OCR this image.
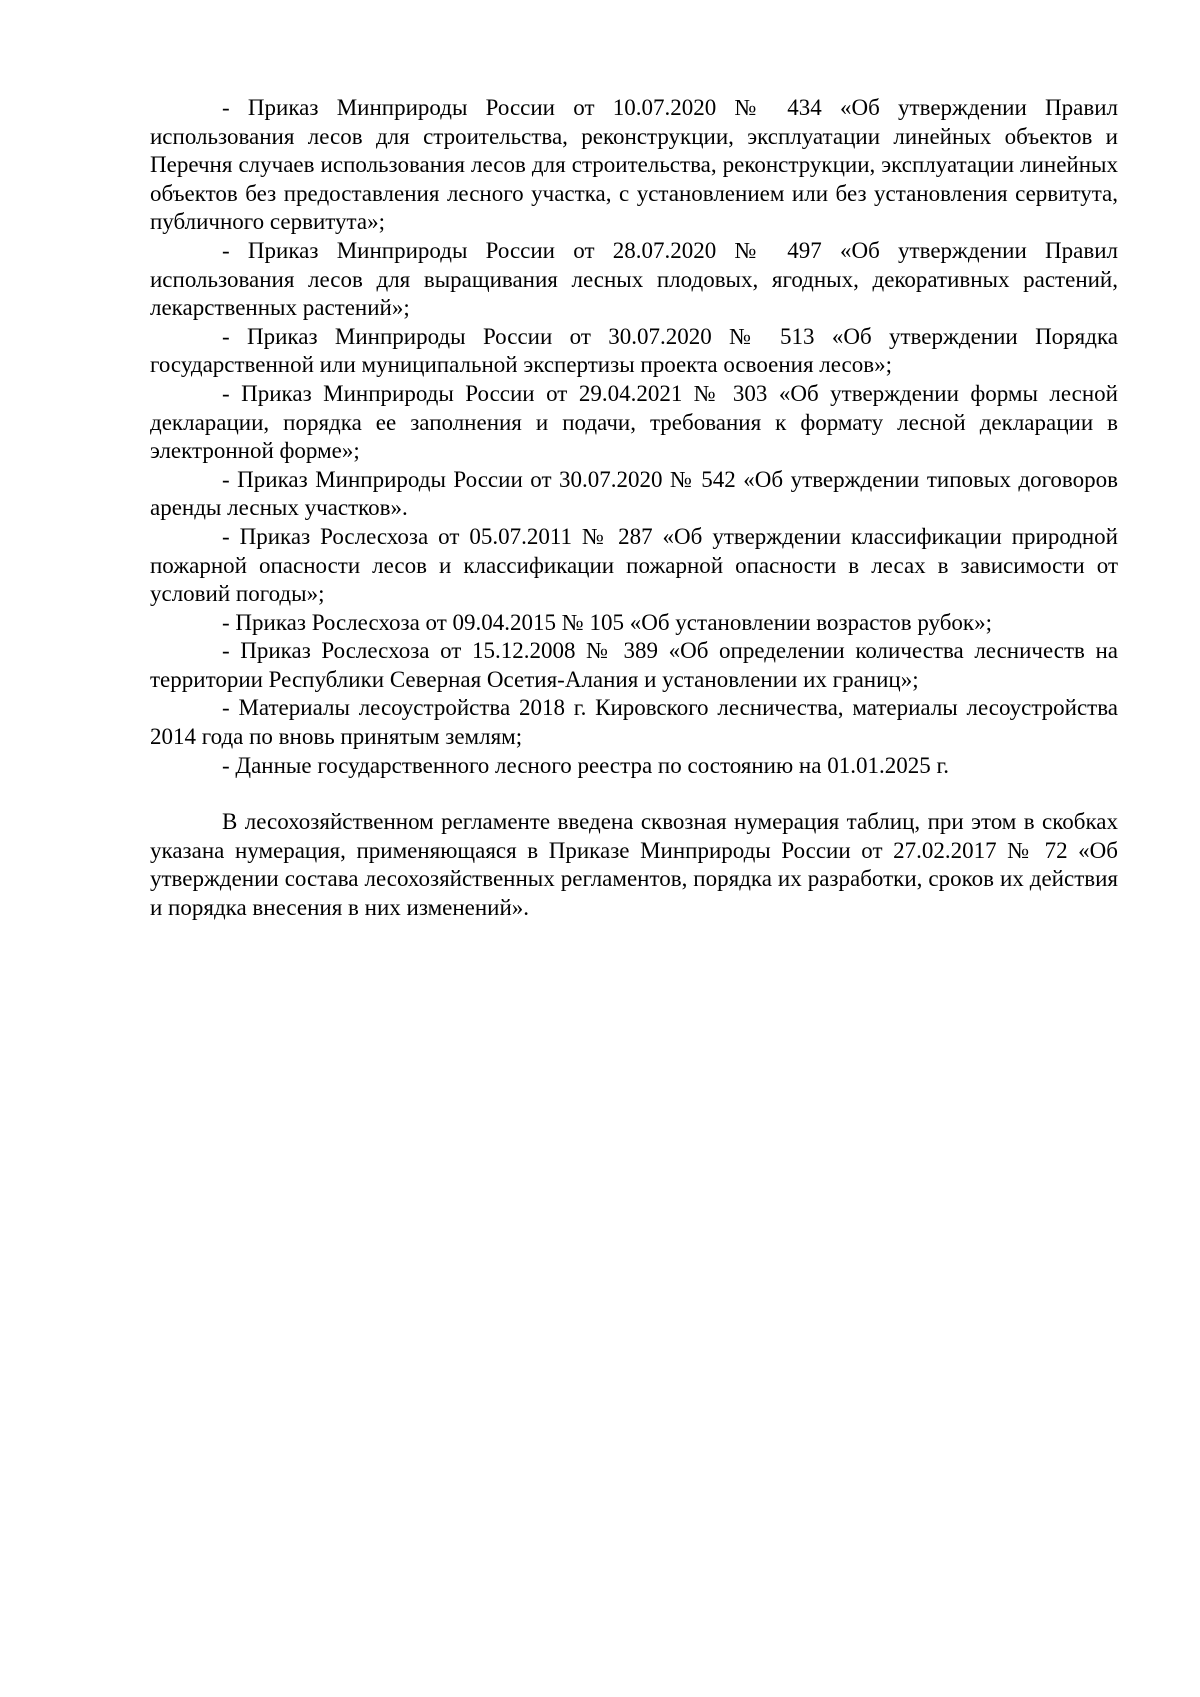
- Приказ Минприроды России от 10.07.2020 № 434 «Об утверждении Правил использования лесов для строительства, реконструкции, эксплуатации линейных объектов и Перечня случаев использования лесов для строительства, реконструкции, эксплуатации линейных объектов без предоставления лесного участка, с установлением или без установления сервитута, публичного сервитута»;

- Приказ Минприроды России от 28.07.2020 № 497 «Об утверждении Правил использования лесов для выращивания лесных плодовых, ягодных, декоративных растений, лекарственных растений»;

- Приказ Минприроды России от 30.07.2020 № 513 «Об утверждении Порядка государственной или муниципальной экспертизы проекта освоения лесов»;

- Приказ Минприроды России от 29.04.2021 № 303 «Об утверждении формы лесной декларации, порядка ее заполнения и подачи, требования к формату лесной декларации в электронной форме»;

- Приказ Минприроды России от 30.07.2020 № 542 «Об утверждении типовых договоров аренды лесных участков».

- Приказ Рослесхоза от 05.07.2011 № 287 «Об утверждении классификации природной пожарной опасности лесов и классификации пожарной опасности в лесах в зависимости от условий погоды»;

- Приказ Рослесхоза от 09.04.2015 № 105 «Об установлении возрастов рубок»;

- Приказ Рослесхоза от 15.12.2008 № 389 «Об определении количества лесничеств на территории Республики Северная Осетия-Алания и установлении их границ»;

- Материалы лесоустройства 2018 г. Кировского лесничества, материалы лесоустройства 2014 года по вновь принятым землям;

- Данные государственного лесного реестра по состоянию на 01.01.2025 г.

В лесохозяйственном регламенте введена сквозная нумерация таблиц, при этом в скобках указана нумерация, применяющаяся в Приказе Минприроды России от 27.02.2017 № 72 «Об утверждении состава лесохозяйственных регламентов, порядка их разработки, сроков их действия и порядка внесения в них изменений».
